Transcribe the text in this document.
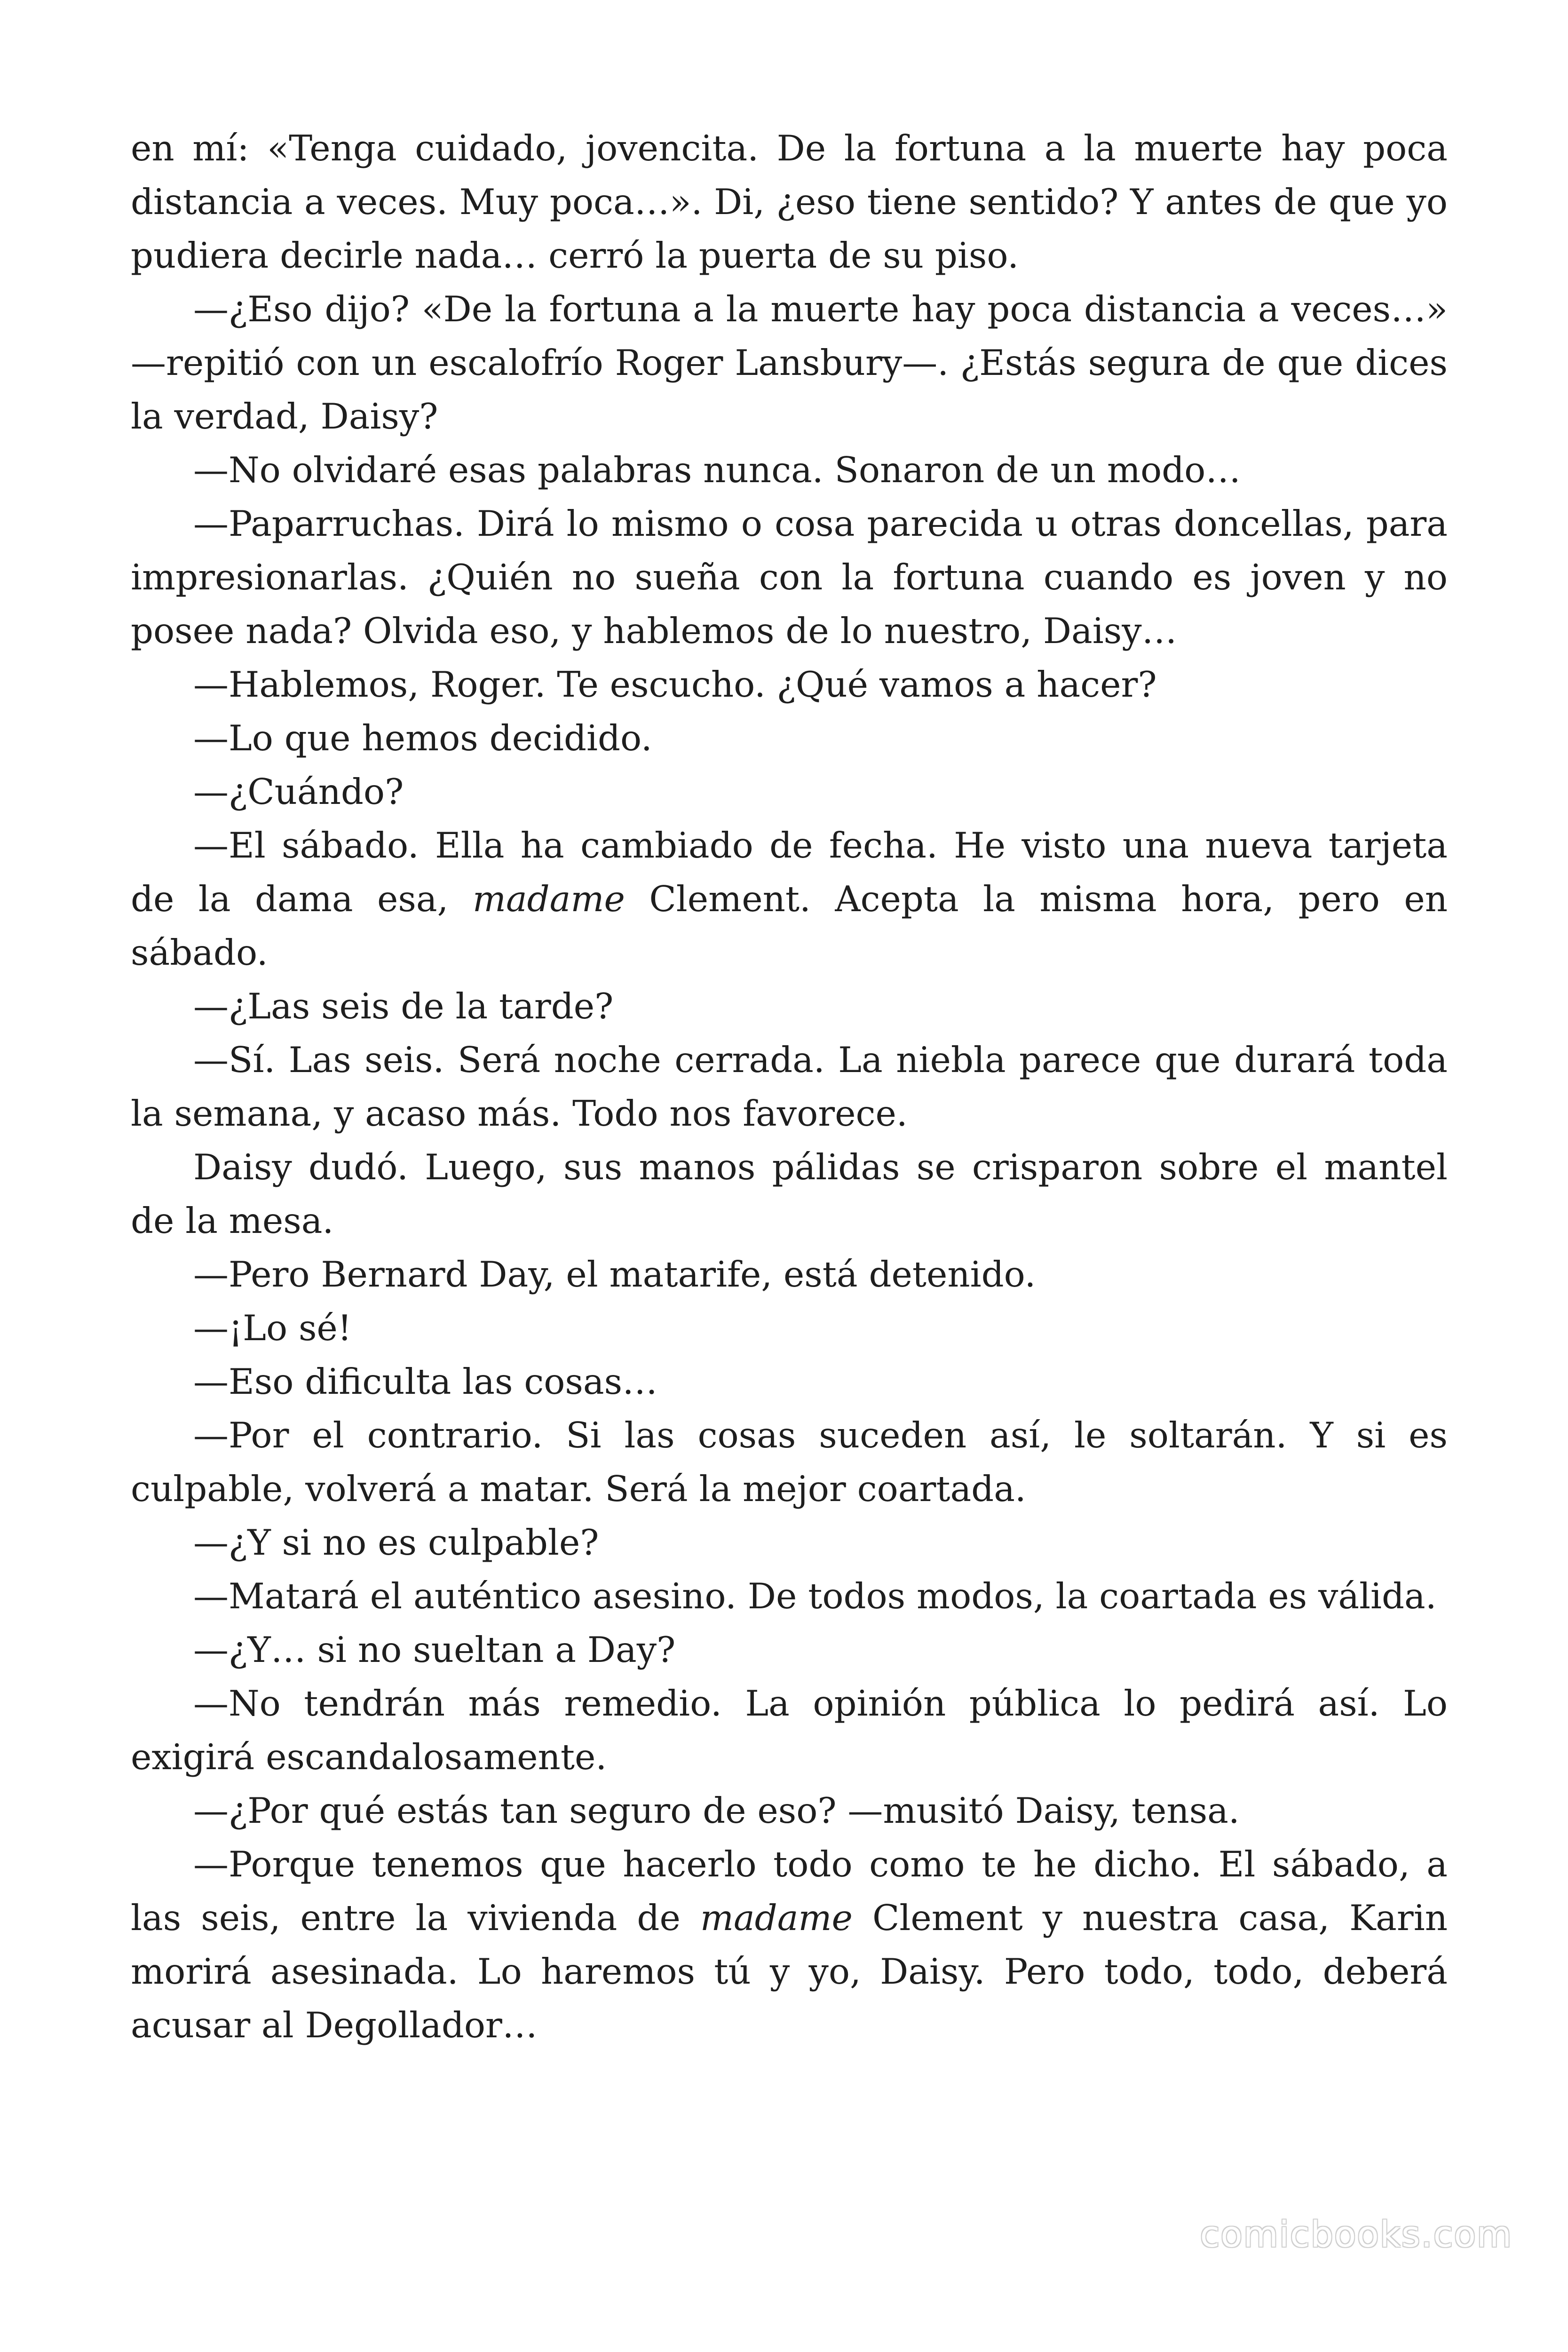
en mí: «Tenga cuidado, jovencita. De la fortuna a la muerte hay poca distancia a veces. Muy poca…». Di, ¿eso tiene sentido? Y antes de que yo pudiera decirle nada… cerró la puerta de su piso.

—¿Eso dijo? «De la fortuna a la muerte hay poca distancia a veces…» —repitió con un escalofrío Roger Lansbury—. ¿Estás segura de que dices la verdad, Daisy?

—No olvidaré esas palabras nunca. Sonaron de un modo…

—Paparruchas. Dirá lo mismo o cosa parecida u otras doncellas, para impresionarlas. ¿Quién no sueña con la fortuna cuando es joven y no posee nada? Olvida eso, y hablemos de lo nuestro, Daisy…

—Hablemos, Roger. Te escucho. ¿Qué vamos a hacer?

—Lo que hemos decidido.

—¿Cuándo?

—El sábado. Ella ha cambiado de fecha. He visto una nueva tarjeta de la dama esa, madame Clement. Acepta la misma hora, pero en sábado.

—¿Las seis de la tarde?

—Sí. Las seis. Será noche cerrada. La niebla parece que durará toda la semana, y acaso más. Todo nos favorece.

Daisy dudó. Luego, sus manos pálidas se crisparon sobre el mantel de la mesa.

—Pero Bernard Day, el matarife, está detenido.

—¡Lo sé!

—Eso dificulta las cosas…

—Por el contrario. Si las cosas suceden así, le soltarán. Y si es culpable, volverá a matar. Será la mejor coartada.

—¿Y si no es culpable?

—Matará el auténtico asesino. De todos modos, la coartada es válida.

—¿Y… si no sueltan a Day?

—No tendrán más remedio. La opinión pública lo pedirá así. Lo exigirá escandalosamente.

—¿Por qué estás tan seguro de eso? —musitó Daisy, tensa.

—Porque tenemos que hacerlo todo como te he dicho. El sábado, a las seis, entre la vivienda de madame Clement y nuestra casa, Karin morirá asesinada. Lo haremos tú y yo, Daisy. Pero todo, todo, deberá acusar al Degollador…

comicbooks.com
